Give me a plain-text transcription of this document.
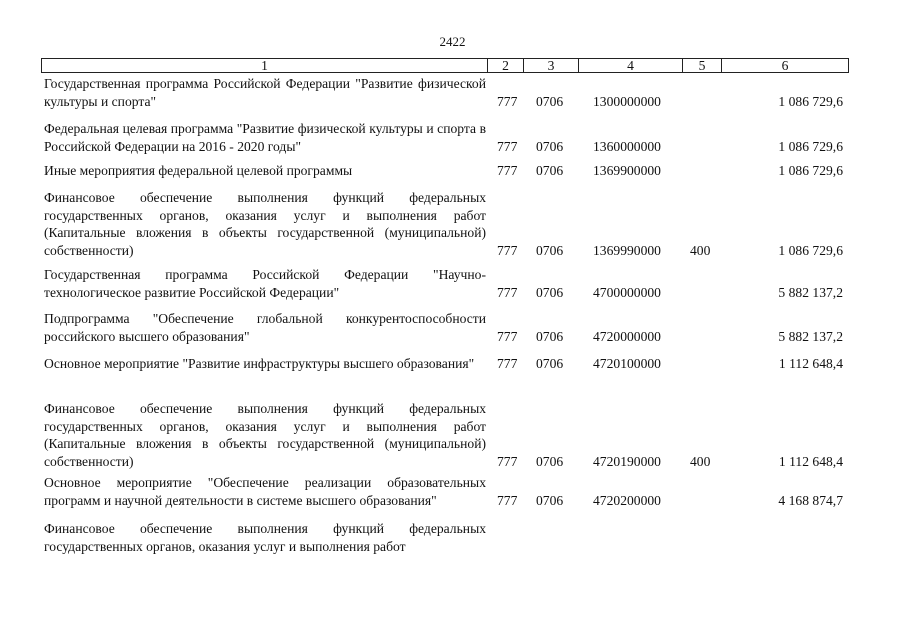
2422
1	2	3	4	5	6
Государственная программа Российской Федерации "Развитие физической культуры и спорта"	777 0706 1300000000	1 086 729,6
Федеральная целевая программа "Развитие физической культуры и спорта в Российской Федерации на 2016 - 2020 годы"	777 0706 1360000000	1 086 729,6
Иные мероприятия федеральной целевой программы	777 0706 1369900000	1 086 729,6
Финансовое обеспечение выполнения функций федеральных государственных органов, оказания услуг и выполнения работ (Капитальные вложения в объекты государственной (муниципальной) собственности)	777 0706 1369990000 400	1 086 729,6
Государственная программа Российской Федерации "Научно-технологическое развитие Российской Федерации"	777 0706 4700000000	5 882 137,2
Подпрограмма "Обеспечение глобальной конкурентоспособности российского высшего образования"	777 0706 4720000000	5 882 137,2
Основное мероприятие "Развитие инфраструктуры высшего образования"	777 0706 4720100000	1 112 648,4
Финансовое обеспечение выполнения функций федеральных государственных органов, оказания услуг и выполнения работ (Капитальные вложения в объекты государственной (муниципальной) собственности)	777 0706 4720190000 400	1 112 648,4
Основное мероприятие "Обеспечение реализации образовательных программ и научной деятельности в системе высшего образования"	777 0706 4720200000	4 168 874,7
Финансовое обеспечение выполнения функций федеральных государственных органов, оказания услуг и выполнения работ
